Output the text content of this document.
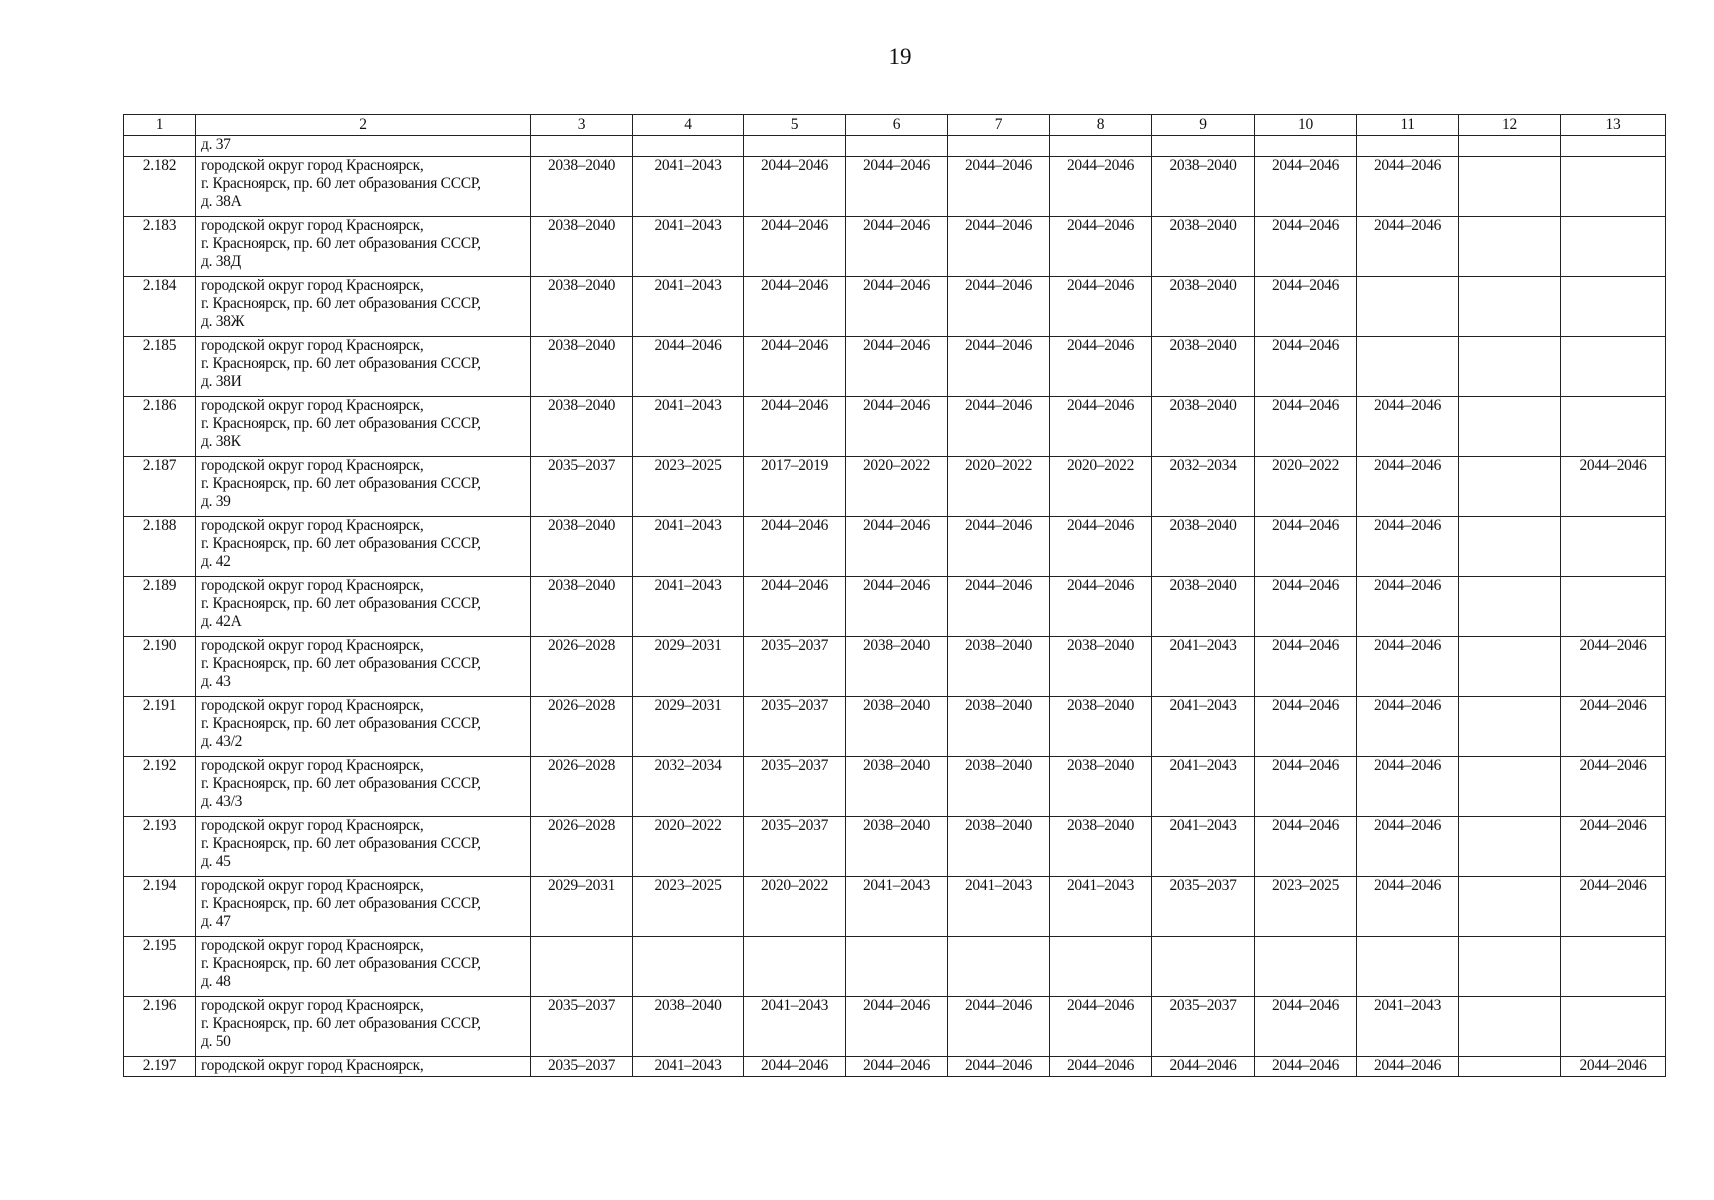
19
1	2	3	4	5	6	7	8	9	10	11	12	13

	д. 37											

2.182	городской округ город Красноярск,
г. Красноярск, пр. 60 лет образования СССР,
д. 38А	2038–2040	2041–2043	2044–2046	2044–2046	2044–2046	2044–2046	2038–2040	2044–2046	2044–2046		
2.183	городской округ город Красноярск,
г. Красноярск, пр. 60 лет образования СССР,
д. 38Д	2038–2040	2041–2043	2044–2046	2044–2046	2044–2046	2044–2046	2038–2040	2044–2046	2044–2046		
2.184	городской округ город Красноярск,
г. Красноярск, пр. 60 лет образования СССР,
д. 38Ж	2038–2040	2041–2043	2044–2046	2044–2046	2044–2046	2044–2046	2038–2040	2044–2046			
2.185	городской округ город Красноярск,
г. Красноярск, пр. 60 лет образования СССР,
д. 38И	2038–2040	2044–2046	2044–2046	2044–2046	2044–2046	2044–2046	2038–2040	2044–2046			
2.186	городской округ город Красноярск,
г. Красноярск, пр. 60 лет образования СССР,
д. 38К	2038–2040	2041–2043	2044–2046	2044–2046	2044–2046	2044–2046	2038–2040	2044–2046	2044–2046		
2.187	городской округ город Красноярск,
г. Красноярск, пр. 60 лет образования СССР,
д. 39	2035–2037	2023–2025	2017–2019	2020–2022	2020–2022	2020–2022	2032–2034	2020–2022	2044–2046		2044–2046
2.188	городской округ город Красноярск,
г. Красноярск, пр. 60 лет образования СССР,
д. 42	2038–2040	2041–2043	2044–2046	2044–2046	2044–2046	2044–2046	2038–2040	2044–2046	2044–2046		
2.189	городской округ город Красноярск,
г. Красноярск, пр. 60 лет образования СССР,
д. 42А	2038–2040	2041–2043	2044–2046	2044–2046	2044–2046	2044–2046	2038–2040	2044–2046	2044–2046		
2.190	городской округ город Красноярск,
г. Красноярск, пр. 60 лет образования СССР,
д. 43	2026–2028	2029–2031	2035–2037	2038–2040	2038–2040	2038–2040	2041–2043	2044–2046	2044–2046		2044–2046
2.191	городской округ город Красноярск,
г. Красноярск, пр. 60 лет образования СССР,
д. 43/2	2026–2028	2029–2031	2035–2037	2038–2040	2038–2040	2038–2040	2041–2043	2044–2046	2044–2046		2044–2046
2.192	городской округ город Красноярск,
г. Красноярск, пр. 60 лет образования СССР,
д. 43/3	2026–2028	2032–2034	2035–2037	2038–2040	2038–2040	2038–2040	2041–2043	2044–2046	2044–2046		2044–2046
2.193	городской округ город Красноярск,
г. Красноярск, пр. 60 лет образования СССР,
д. 45	2026–2028	2020–2022	2035–2037	2038–2040	2038–2040	2038–2040	2041–2043	2044–2046	2044–2046		2044–2046
2.194	городской округ город Красноярск,
г. Красноярск, пр. 60 лет образования СССР,
д. 47	2029–2031	2023–2025	2020–2022	2041–2043	2041–2043	2041–2043	2035–2037	2023–2025	2044–2046		2044–2046
2.195	городской округ город Красноярск,
г. Красноярск, пр. 60 лет образования СССР,
д. 48											

2.196	городской округ город Красноярск,
г. Красноярск, пр. 60 лет образования СССР,
д. 50	2035–2037	2038–2040	2041–2043	2044–2046	2044–2046	2044–2046	2035–2037	2044–2046	2041–2043		
2.197	городской округ город Красноярск,	2035–2037	2041–2043	2044–2046	2044–2046	2044–2046	2044–2046	2044–2046	2044–2046	2044–2046		2044–2046
